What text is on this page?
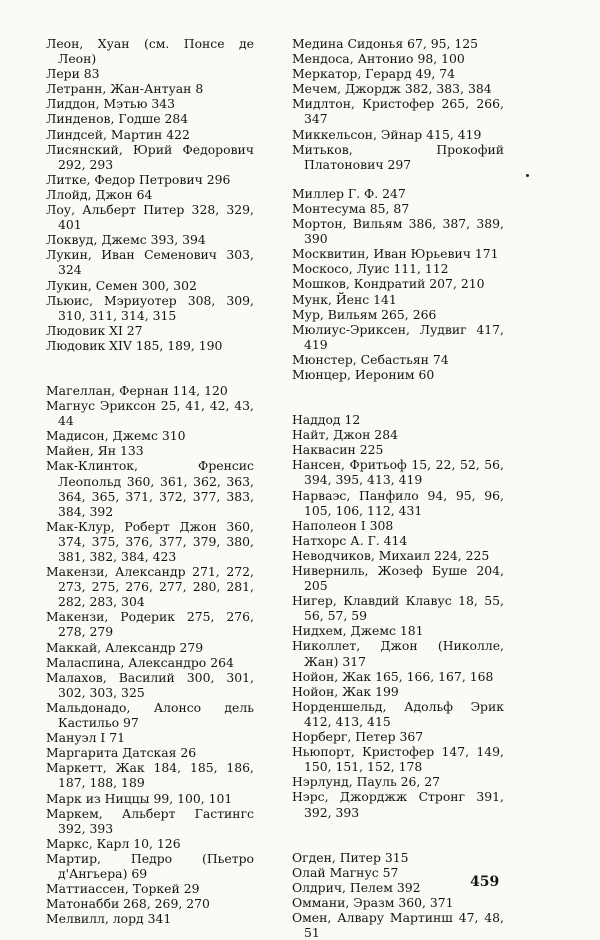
Леон, Хуан (см. Понсе де Леон)
Лери 83
Летранн, Жан-Антуан 8
Лиддон, Мэтью 343
Линденов, Годше 284
Линдсей, Мартин 422
Лисянский, Юрий Федорович 292, 293
Литке, Федор Петрович 296
Ллойд, Джон 64
Лоу, Альберт Питер 328, 329, 401
Локвуд, Джемс 393, 394
Лукин, Иван Семенович 303, 324
Лукин, Семен 300, 302
Льюис, Мэриуотер 308, 309, 310, 311, 314, 315
Людовик XI 27
Людовик XIV 185, 189, 190
Магеллан, Фернан 114, 120
Магнус Эриксон 25, 41, 42, 43, 44
Мадисон, Джемс 310
Майен, Ян 133
Мак-Клинток, Френсис Леопольд 360, 361, 362, 363, 364, 365, 371, 372, 377, 383, 384, 392
Мак-Клур, Роберт Джон 360, 374, 375, 376, 377, 379, 380, 381, 382, 384, 423
Макензи, Александр 271, 272, 273, 275, 276, 277, 280, 281, 282, 283, 304
Макензи, Родерик 275, 276, 278, 279
Маккай, Александр 279
Маласпина, Александро 264
Малахов, Василий 300, 301, 302, 303, 325
Мальдонадо, Алонсо дель Кастильо 97
Мануэл I 71
Маргарита Датская 26
Маркетт, Жак 184, 185, 186, 187, 188, 189
Марк из Ниццы 99, 100, 101
Маркем, Альберт Гастингс 392, 393
Маркс, Карл 10, 126
Мартир, Педро (Пьетро д'Ангьера) 69
Маттиассен, Торкей 29
Матонабби 268, 269, 270
Мелвилл, лорд 341
Медина Сидонья 67, 95, 125
Мендоса, Антонио 98, 100
Меркатор, Герард 49, 74
Мечем, Джордж 382, 383, 384
Мидлтон, Кристофер 265, 266, 347
Миккельсон, Эйнар 415, 419
Митьков, Прокофий Платонович 297
Миллер Г. Ф. 247
Монтесума 85, 87
Мортон, Вильям 386, 387, 389, 390
Москвитин, Иван Юрьевич 171
Москосо, Луис 111, 112
Мошков, Кондратий 207, 210
Мунк, Йенс 141
Мур, Вильям 265, 266
Мюлиус-Эриксен, Лудвиг 417, 419
Мюнстер, Себастьян 74
Мюнцер, Иероним 60
Наддод 12
Найт, Джон 284
Наквасин 225
Нансен, Фритьоф 15, 22, 52, 56, 394, 395, 413, 419
Нарваэс, Панфило 94, 95, 96, 105, 106, 112, 431
Наполеон I 308
Натхорс А. Г. 414
Неводчиков, Михаил 224, 225
Ниверниль, Жозеф Буше 204, 205
Нигер, Клавдий Клавус 18, 55, 56, 57, 59
Нидхем, Джемс 181
Николлет, Джон (Николле, Жан) 317
Нойон, Жак 165, 166, 167, 168
Нойон, Жак 199
Норденшельд, Адольф Эрик 412, 413, 415
Норберг, Петер 367
Ньюпорт, Кристофер 147, 149, 150, 151, 152, 178
Нэрлунд, Пауль 26, 27
Нэрс, Джорджж Стронг 391, 392, 393
Огден, Питер 315
Олай Магнус 57
Олдрич, Пелем 392
Оммани, Эразм 360, 371
Омен, Алвару Мартинш 47, 48, 51
459
